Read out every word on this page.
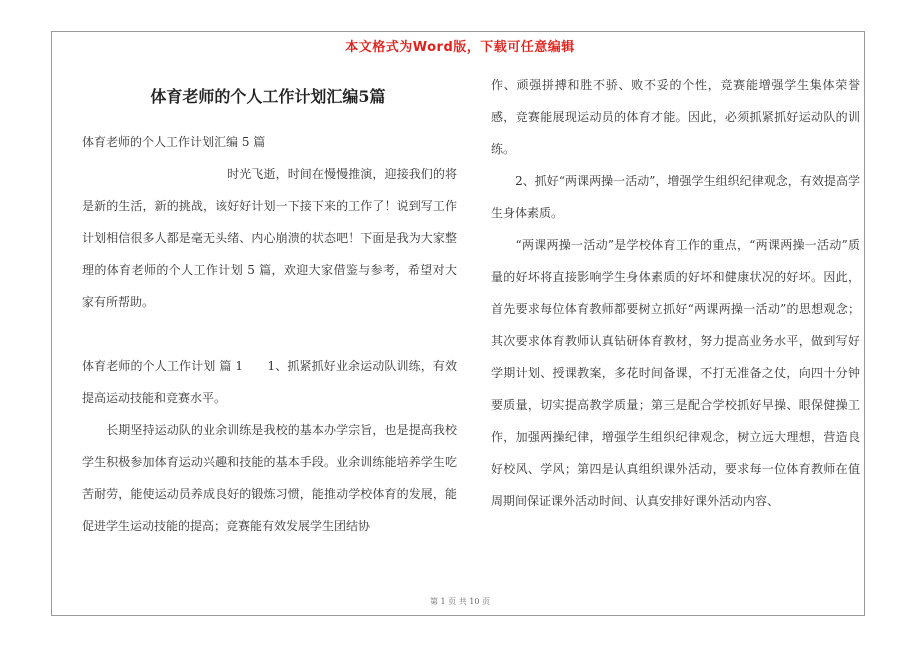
本文格式为Word版，下载可任意编辑
体育老师的个人工作计划汇编5篇

体育老师的个人工作计划汇编 5 篇

　　　　　　　　　　　　时光飞逝，时间在慢慢推演，迎接我们的将是新的生活，新的挑战，该好好计划一下接下来的工作了！说到写工作计划相信很多人都是毫无头绪、内心崩溃的状态吧！下面是我为大家整理的体育老师的个人工作计划 5 篇，欢迎大家借鉴与参考，希望对大家有所帮助。

体育老师的个人工作计划 篇 1　　1、抓紧抓好业余运动队训练，有效提高运动技能和竞赛水平。

　　长期坚持运动队的业余训练是我校的基本办学宗旨，也是提高我校学生积极参加体育运动兴趣和技能的基本手段。业余训练能培养学生吃苦耐劳，能使运动员养成良好的锻炼习惯，能推动学校体育的发展，能促进学生运动技能的提高；竞赛能有效发展学生团结协

作、顽强拼搏和胜不骄、败不妥的个性，竞赛能增强学生集体荣誉感，竞赛能展现运动员的体育才能。因此，必须抓紧抓好运动队的训练。

　　2、抓好“两课两操一活动”，增强学生组织纪律观念，有效提高学生身体素质。

　　“两课两操一活动”是学校体育工作的重点，“两课两操一活动”质量的好坏将直接影响学生身体素质的好坏和健康状况的好坏。因此，首先要求每位体育教师都要树立抓好“两课两操一活动”的思想观念；其次要求体育教师认真钻研体育教材，努力提高业务水平，做到写好学期计划、授课教案，多花时间备课，不打无准备之仗，向四十分钟要质量，切实提高教学质量；第三是配合学校抓好早操、眼保健操工作，加强两操纪律，增强学生组织纪律观念，树立远大理想，营造良好校风、学风；第四是认真组织课外活动，要求每一位体育教师在值周期间保证课外活动时间、认真安排好课外活动内容、

第 1 页 共 10 页
